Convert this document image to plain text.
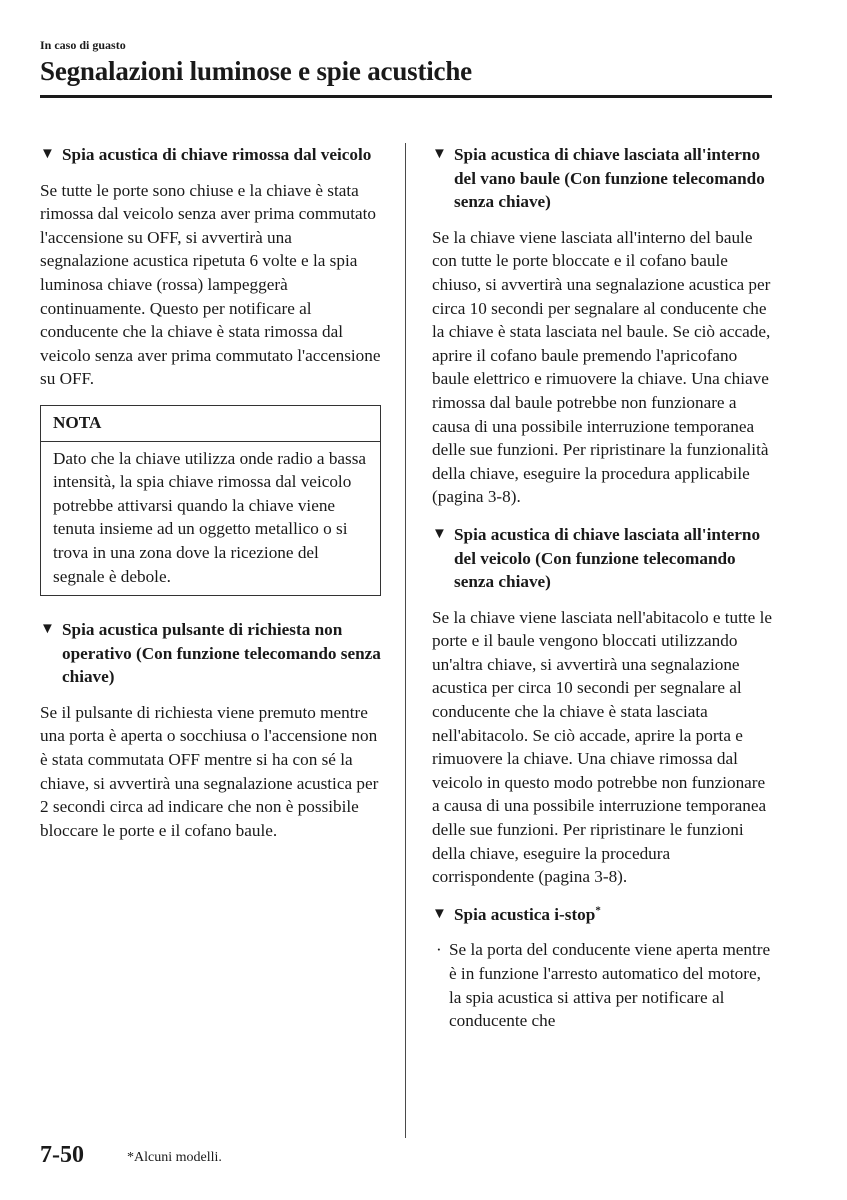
In caso di guasto
Segnalazioni luminose e spie acustiche
▼ Spia acustica di chiave rimossa dal veicolo

Se tutte le porte sono chiuse e la chiave è stata rimossa dal veicolo senza aver prima commutato l'accensione su OFF, si avvertirà una segnalazione acustica ripetuta 6 volte e la spia luminosa chiave (rossa) lampeggerà continuamente. Questo per notificare al conducente che la chiave è stata rimossa dal veicolo senza aver prima commutato l'accensione su OFF.

NOTA
Dato che la chiave utilizza onde radio a bassa intensità, la spia chiave rimossa dal veicolo potrebbe attivarsi quando la chiave viene tenuta insieme ad un oggetto metallico o si trova in una zona dove la ricezione del segnale è debole.
▼ Spia acustica pulsante di richiesta non operativo (Con funzione telecomando senza chiave)

Se il pulsante di richiesta viene premuto mentre una porta è aperta o socchiusa o l'accensione non è stata commutata OFF mentre si ha con sé la chiave, si avvertirà una segnalazione acustica per 2 secondi circa ad indicare che non è possibile bloccare le porte e il cofano baule.

▼ Spia acustica di chiave lasciata all'interno del vano baule (Con funzione telecomando senza chiave)

Se la chiave viene lasciata all'interno del baule con tutte le porte bloccate e il cofano baule chiuso, si avvertirà una segnalazione acustica per circa 10 secondi per segnalare al conducente che la chiave è stata lasciata nel baule. Se ciò accade, aprire il cofano baule premendo l'apricofano baule elettrico e rimuovere la chiave. Una chiave rimossa dal baule potrebbe non funzionare a causa di una possibile interruzione temporanea delle sue funzioni. Per ripristinare la funzionalità della chiave, eseguire la procedura applicabile (pagina 3-8).

▼ Spia acustica di chiave lasciata all'interno del veicolo (Con funzione telecomando senza chiave)

Se la chiave viene lasciata nell'abitacolo e tutte le porte e il baule vengono bloccati utilizzando un'altra chiave, si avvertirà una segnalazione acustica per circa 10 secondi per segnalare al conducente che la chiave è stata lasciata nell'abitacolo. Se ciò accade, aprire la porta e rimuovere la chiave. Una chiave rimossa dal veicolo in questo modo potrebbe non funzionare a causa di una possibile interruzione temporanea delle sue funzioni. Per ripristinare le funzioni della chiave, eseguire la procedura corrispondente (pagina 3-8).

▼ Spia acustica i-stop*

· Se la porta del conducente viene aperta mentre è in funzione l'arresto automatico del motore, la spia acustica si attiva per notificare al conducente che

7-50	*Alcuni modelli.
